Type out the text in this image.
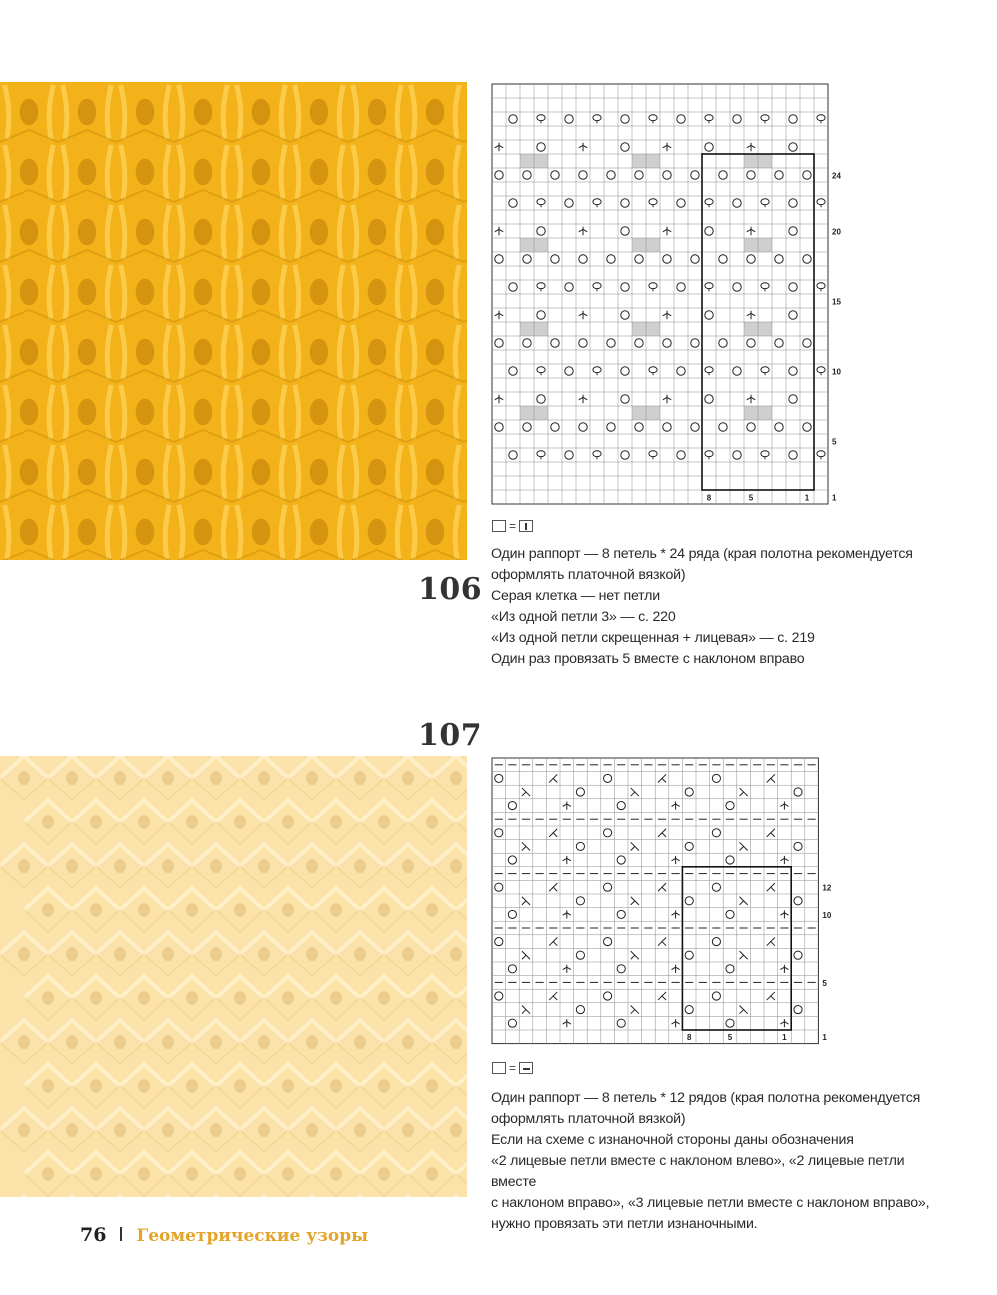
106
1
5
10
15
20
24
8	5	1
=

Один раппорт — 8 петель * 24 ряда (края полотна рекомендуется

оформлять платочной вязкой)

Серая клетка — нет петли

«Из одной петли 3» — с. 220

«Из одной петли скрещенная + лицевая» — с. 219

Один раз провязать 5 вместе с наклоном вправо

107
1
5
10
12
8	5	1
=

Один раппорт — 8 петель * 12 рядов (края полотна рекомендуется

оформлять платочной вязкой)

Если на схеме с изнаночной стороны даны обозначения

«2 лицевые петли вместе с наклоном влево», «2 лицевые петли вместе

с наклоном вправо», «3 лицевые петли вместе с наклоном вправо»,

нужно провязать эти петли изнаночными.

76 Геометрические узоры
